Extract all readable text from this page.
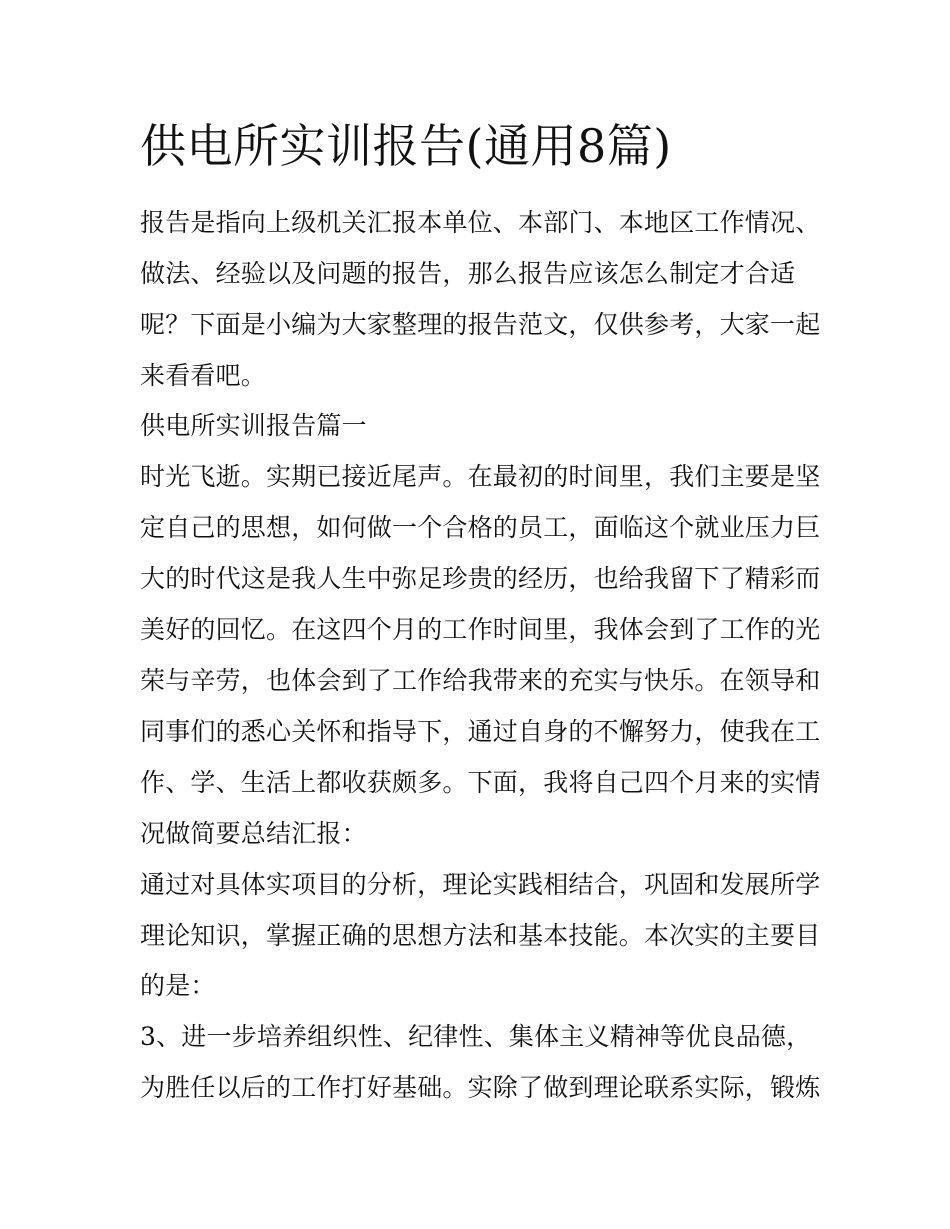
供电所实训报告(通用8篇)

报告是指向上级机关汇报本单位、本部门、本地区工作情况、

做法、经验以及问题的报告，那么报告应该怎么制定才合适

呢？下面是小编为大家整理的报告范文，仅供参考，大家一起

来看看吧。

供电所实训报告篇一

时光飞逝。实期已接近尾声。在最初的时间里，我们主要是坚

定自己的思想，如何做一个合格的员工，面临这个就业压力巨

大的时代这是我人生中弥足珍贵的经历，也给我留下了精彩而

美好的回忆。在这四个月的工作时间里，我体会到了工作的光

荣与辛劳，也体会到了工作给我带来的充实与快乐。在领导和

同事们的悉心关怀和指导下，通过自身的不懈努力，使我在工

作、学、生活上都收获颇多。下面，我将自己四个月来的实情

况做简要总结汇报：

通过对具体实项目的分析，理论实践相结合，巩固和发展所学

理论知识，掌握正确的思想方法和基本技能。本次实的主要目

的是：

3、进一步培养组织性、纪律性、集体主义精神等优良品德，

为胜任以后的工作打好基础。实除了做到理论联系实际，锻炼
